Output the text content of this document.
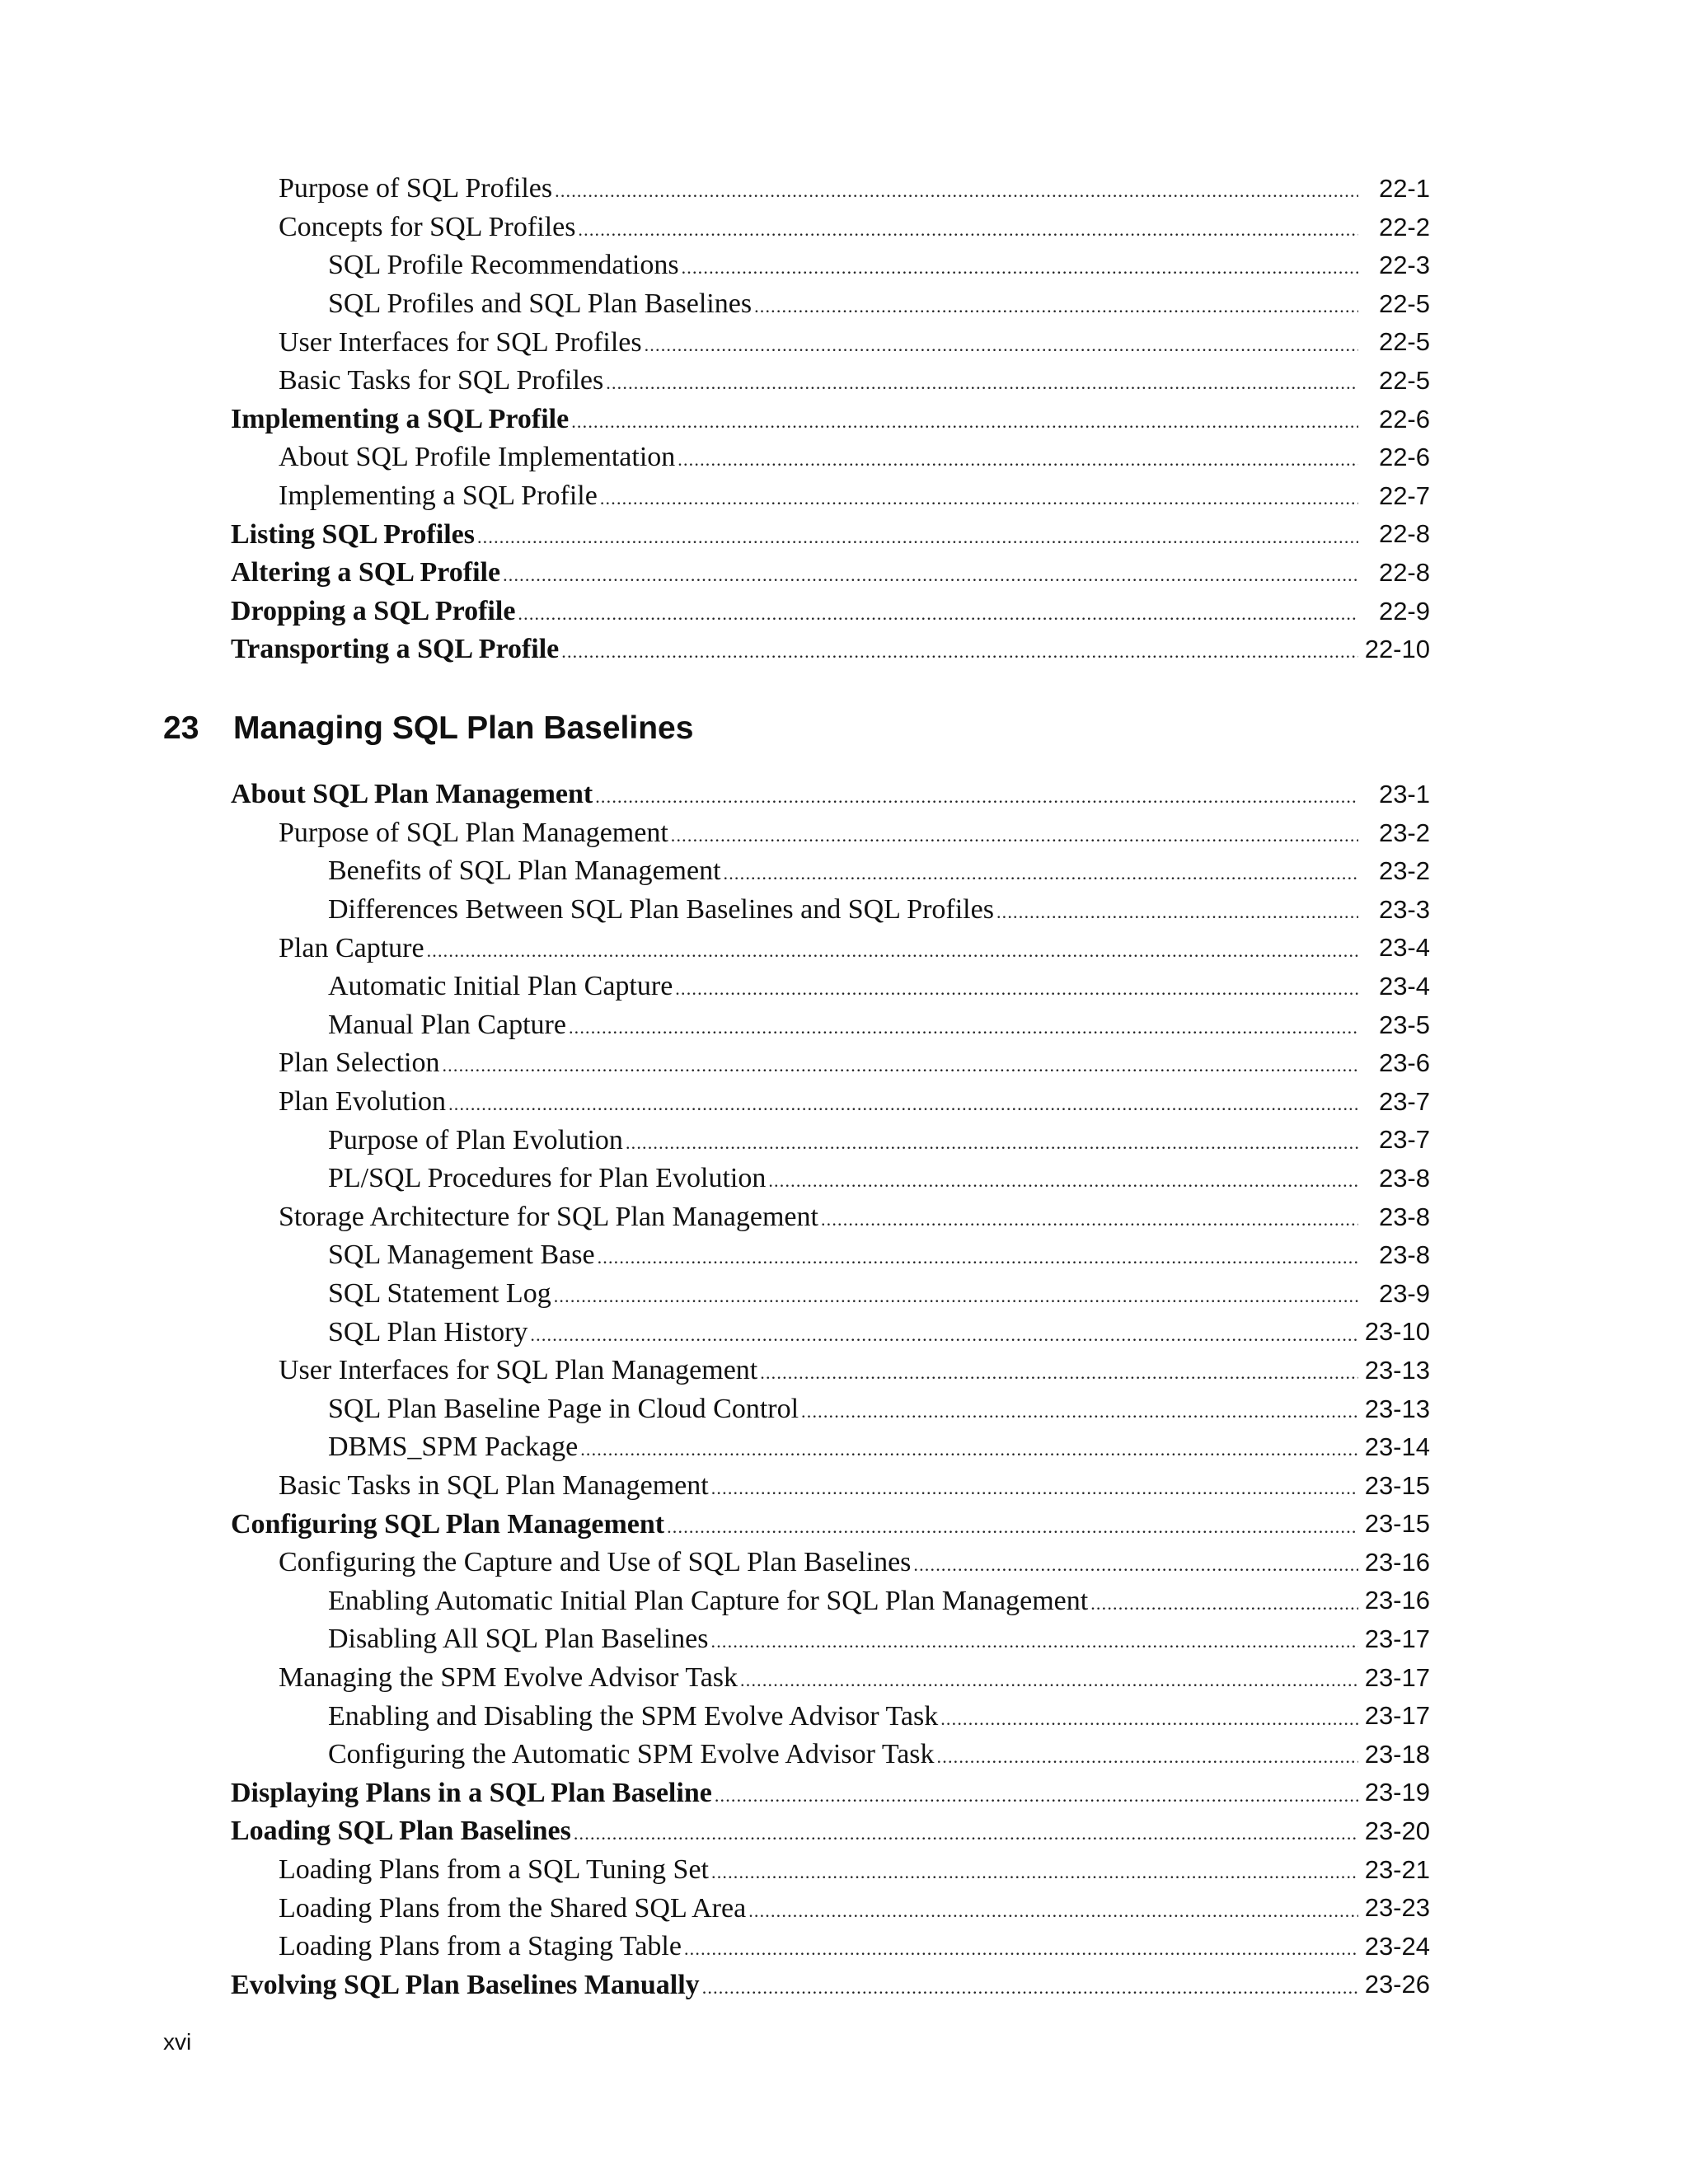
Purpose of SQL Profiles .....	22-1
Concepts for SQL Profiles .....	22-2
SQL Profile Recommendations .....	22-3
SQL Profiles and SQL Plan Baselines .....	22-5
User Interfaces for SQL Profiles .....	22-5
Basic Tasks for SQL Profiles .....	22-5
Implementing a SQL Profile .....	22-6
About SQL Profile Implementation .....	22-6
Implementing a SQL Profile .....	22-7
Listing SQL Profiles .....	22-8
Altering a SQL Profile .....	22-8
Dropping a SQL Profile .....	22-9
Transporting a SQL Profile .....	22-10
23	Managing SQL Plan Baselines
About SQL Plan Management .....	23-1
Purpose of SQL Plan Management .....	23-2
Benefits of SQL Plan Management .....	23-2
Differences Between SQL Plan Baselines and SQL Profiles .....	23-3
Plan Capture .....	23-4
Automatic Initial Plan Capture .....	23-4
Manual Plan Capture .....	23-5
Plan Selection .....	23-6
Plan Evolution .....	23-7
Purpose of Plan Evolution .....	23-7
PL/SQL Procedures for Plan Evolution .....	23-8
Storage Architecture for SQL Plan Management .....	23-8
SQL Management Base .....	23-8
SQL Statement Log .....	23-9
SQL Plan History .....	23-10
User Interfaces for SQL Plan Management .....	23-13
SQL Plan Baseline Page in Cloud Control .....	23-13
DBMS_SPM Package .....	23-14
Basic Tasks in SQL Plan Management .....	23-15
Configuring SQL Plan Management .....	23-15
Configuring the Capture and Use of SQL Plan Baselines .....	23-16
Enabling Automatic Initial Plan Capture for SQL Plan Management .....	23-16
Disabling All SQL Plan Baselines .....	23-17
Managing the SPM Evolve Advisor Task .....	23-17
Enabling and Disabling the SPM Evolve Advisor Task .....	23-17
Configuring the Automatic SPM Evolve Advisor Task .....	23-18
Displaying Plans in a SQL Plan Baseline .....	23-19
Loading SQL Plan Baselines .....	23-20
Loading Plans from a SQL Tuning Set .....	23-21
Loading Plans from the Shared SQL Area .....	23-23
Loading Plans from a Staging Table .....	23-24
Evolving SQL Plan Baselines Manually .....	23-26
xvi
